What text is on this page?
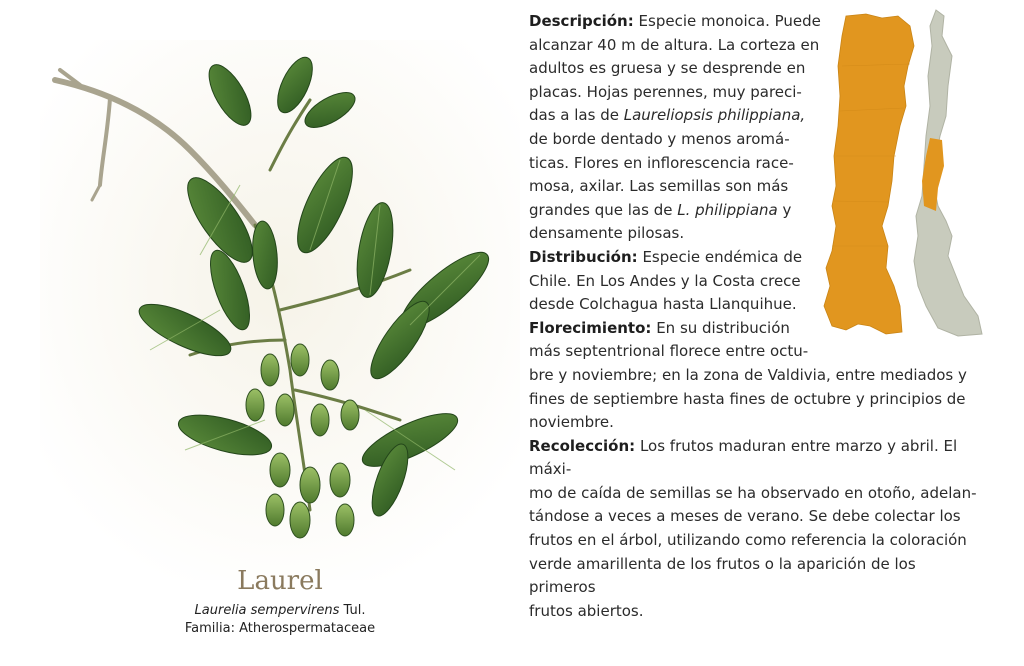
Laurel
Laurelia sempervirens Tul.
Familia: Atherospermataceae
Descripción: Especie monoica. Puede
alcanzar 40 m de altura. La corteza en
adultos es gruesa y se desprende en
placas. Hojas perennes, muy pareci-
das a las de Laureliopsis philippiana,
de borde dentado y menos aromá-
ticas. Flores en inflorescencia race-
mosa, axilar. Las semillas son más
grandes que las de L. philippiana y
densamente pilosas.
Distribución: Especie endémica de
Chile. En Los Andes y la Costa crece
desde Colchagua hasta Llanquihue.
Florecimiento: En su distribución
más septentrional florece entre octu-
bre y noviembre; en la zona de Valdivia, entre mediados y
fines de septiembre hasta fines de octubre y principios de
noviembre.
Recolección: Los frutos maduran entre marzo y abril. El máxi-
mo de caída de semillas se ha observado en otoño, adelan-
tándose a veces a meses de verano. Se debe colectar los
frutos en el árbol, utilizando como referencia la coloración
verde amarillenta de los frutos o la aparición de los primeros
frutos abiertos.
